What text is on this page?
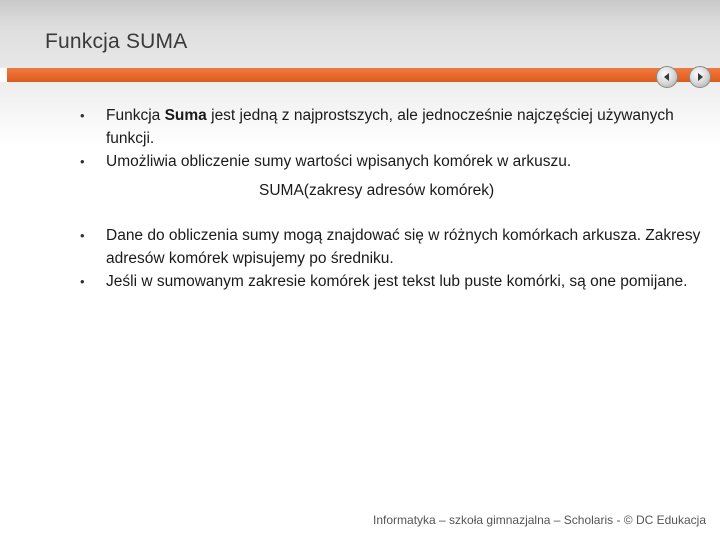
Funkcja SUMA
•	Funkcja Suma jest jedną z najprostszych, ale jednocześnie najczęściej używanych funkcji.
•	Umożliwia obliczenie sumy wartości wpisanych komórek w arkuszu.
SUMA(zakresy adresów komórek)
•	Dane do obliczenia sumy mogą znajdować się w różnych komórkach arkusza. Zakresy adresów komórek wpisujemy po średniku.
•	Jeśli w sumowanym zakresie komórek jest tekst lub puste komórki, są one pomijane.
Informatyka – szkoła gimnazjalna – Scholaris - © DC Edukacja
